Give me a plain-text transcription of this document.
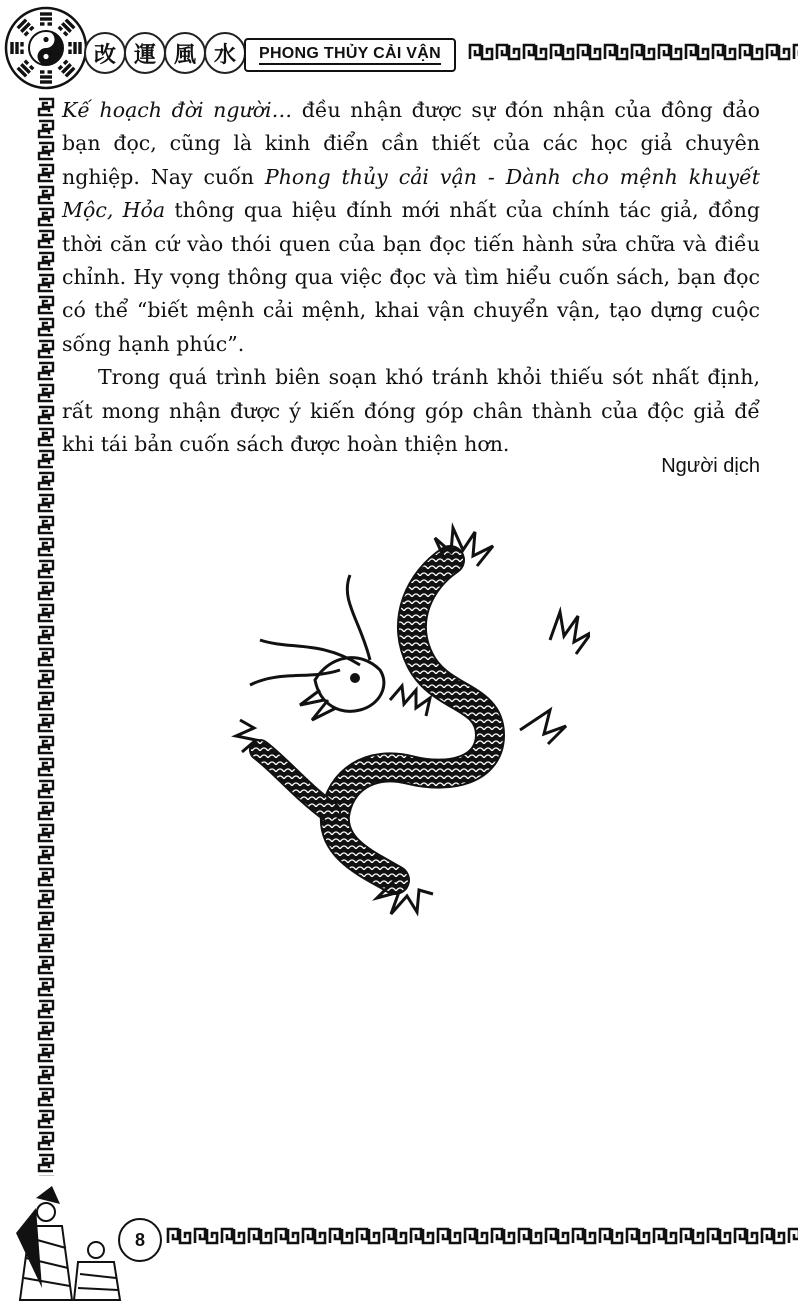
改 運 風 水	PHONG THỦY CẢI VẬN

Kế hoạch đời người… đều nhận được sự đón nhận của đông đảo bạn đọc, cũng là kinh điển cần thiết của các học giả chuyên nghiệp. Nay cuốn Phong thủy cải vận - Dành cho mệnh khuyết Mộc, Hỏa thông qua hiệu đính mới nhất của chính tác giả, đồng thời căn cứ vào thói quen của bạn đọc tiến hành sửa chữa và điều chỉnh. Hy vọng thông qua việc đọc và tìm hiểu cuốn sách, bạn đọc có thể “biết mệnh cải mệnh, khai vận chuyển vận, tạo dựng cuộc sống hạnh phúc”.

Trong quá trình biên soạn khó tránh khỏi thiếu sót nhất định, rất mong nhận được ý kiến đóng góp chân thành của độc giả để khi tái bản cuốn sách được hoàn thiện hơn.

Người dịch
8
